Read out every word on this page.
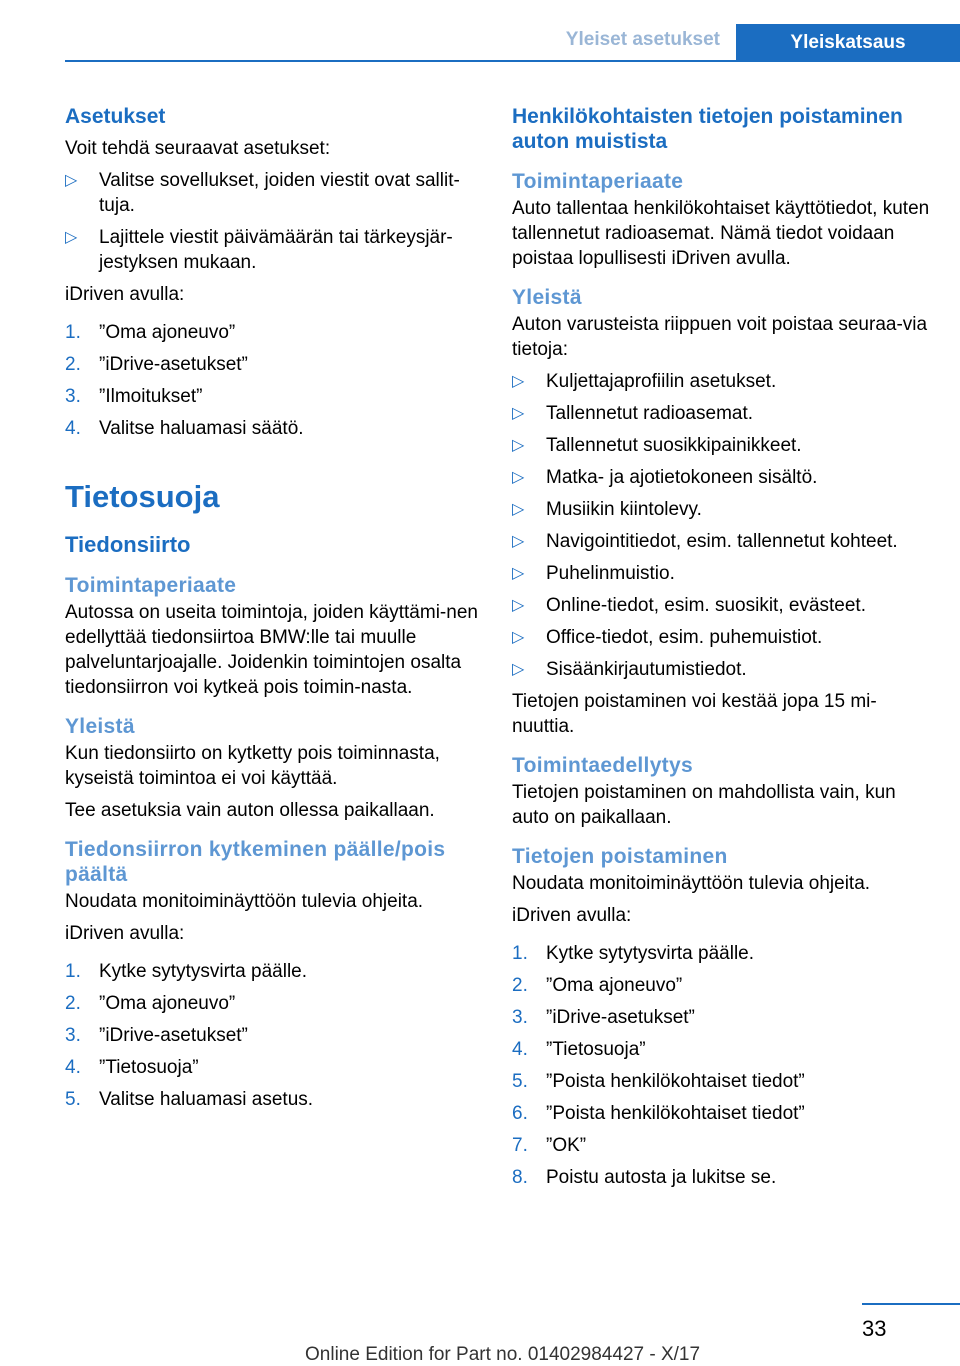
Yleiset asetukset	Yleiskatsaus
Asetukset

Voit tehdä seuraavat asetukset:

▷ Valitse sovellukset, joiden viestit ovat sallit-tuja.
▷ Lajittele viestit päivämäärän tai tärkeysjär-jestyksen mukaan.

iDriven avulla:

1. ”Oma ajoneuvo”
2. ”iDrive-asetukset”
3. ”Ilmoitukset”
4. Valitse haluamasi säätö.
Tietosuoja
Tiedonsiirto
Toimintaperiaate

Autossa on useita toimintoja, joiden käyttämi-nen edellyttää tiedonsiirtoa BMW:lle tai muulle palveluntarjoajalle. Joidenkin toimintojen osalta tiedonsiirron voi kytkeä pois toimin-nasta.

Yleistä

Kun tiedonsiirto on kytketty pois toiminnasta, kyseistä toimintoa ei voi käyttää.

Tee asetuksia vain auton ollessa paikallaan.

Tiedonsiirron kytkeminen päälle/pois päältä

Noudata monitoiminäyttöön tulevia ohjeita.

iDriven avulla:

1. Kytke sytytysvirta päälle.
2. ”Oma ajoneuvo”
3. ”iDrive-asetukset”
4. ”Tietosuoja”
5. Valitse haluamasi asetus.
Henkilökohtaisten tietojen poistaminen auton muistista
Toimintaperiaate

Auto tallentaa henkilökohtaiset käyttötiedot, kuten tallennetut radioasemat. Nämä tiedot voidaan poistaa lopullisesti iDriven avulla.

Yleistä

Auton varusteista riippuen voit poistaa seuraa-via tietoja:

▷ Kuljettajaprofiilin asetukset.
▷ Tallennetut radioasemat.
▷ Tallennetut suosikkipainikkeet.
▷ Matka- ja ajotietokoneen sisältö.
▷ Musiikin kiintolevy.
▷ Navigointitiedot, esim. tallennetut kohteet.
▷ Puhelinmuistio.
▷ Online-tiedot, esim. suosikit, evästeet.
▷ Office-tiedot, esim. puhemuistiot.
▷ Sisäänkirjautumistiedot.

Tietojen poistaminen voi kestää jopa 15 mi-nuuttia.

Toimintaedellytys

Tietojen poistaminen on mahdollista vain, kun auto on paikallaan.

Tietojen poistaminen

Noudata monitoiminäyttöön tulevia ohjeita.

iDriven avulla:

1. Kytke sytytysvirta päälle.
2. ”Oma ajoneuvo”
3. ”iDrive-asetukset”
4. ”Tietosuoja”
5. ”Poista henkilökohtaiset tiedot”
6. ”Poista henkilökohtaiset tiedot”
7. ”OK”
8. Poistu autosta ja lukitse se.
33
Online Edition for Part no. 01402984427 - X/17
